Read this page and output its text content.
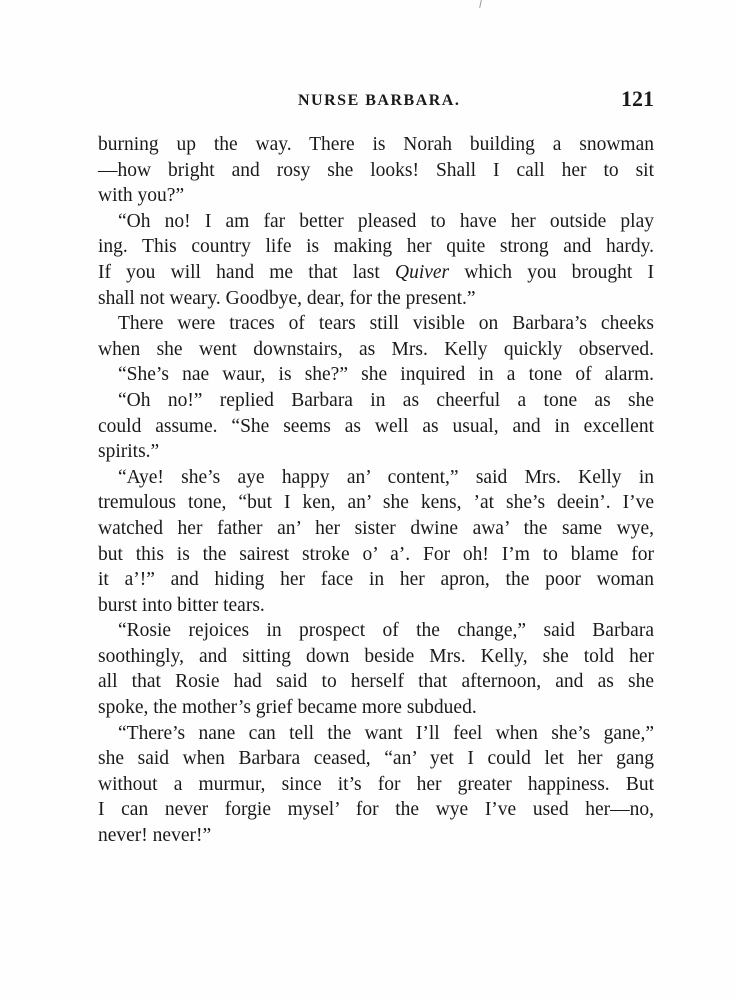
NURSE BARBARA.	121
burning up the way. There is Norah building a snowman
—how bright and rosy she looks! Shall I call her to sit
with you?”
“Oh no! I am far better pleased to have her outside play
ing. This country life is making her quite strong and hardy.
If you will hand me that last Quiver which you brought I
shall not weary. Goodbye, dear, for the present.”
There were traces of tears still visible on Barbara’s cheeks
when she went downstairs, as Mrs. Kelly quickly observed.
“She’s nae waur, is she?” she inquired in a tone of alarm.
“Oh no!” replied Barbara in as cheerful a tone as she
could assume. “She seems as well as usual, and in excellent
spirits.”
“Aye! she’s aye happy an’ content,” said Mrs. Kelly in
tremulous tone, “but I ken, an’ she kens, ’at she’s deein’. I’ve
watched her father an’ her sister dwine awa’ the same wye,
but this is the sairest stroke o’ a’. For oh! I’m to blame for
it a’!” and hiding her face in her apron, the poor woman
burst into bitter tears.
“Rosie rejoices in prospect of the change,” said Barbara
soothingly, and sitting down beside Mrs. Kelly, she told her
all that Rosie had said to herself that afternoon, and as she
spoke, the mother’s grief became more subdued.
“There’s nane can tell the want I’ll feel when she’s gane,”
she said when Barbara ceased, “an’ yet I could let her gang
without a murmur, since it’s for her greater happiness. But
I can never forgie mysel’ for the wye I’ve used her—no,
never! never!”
